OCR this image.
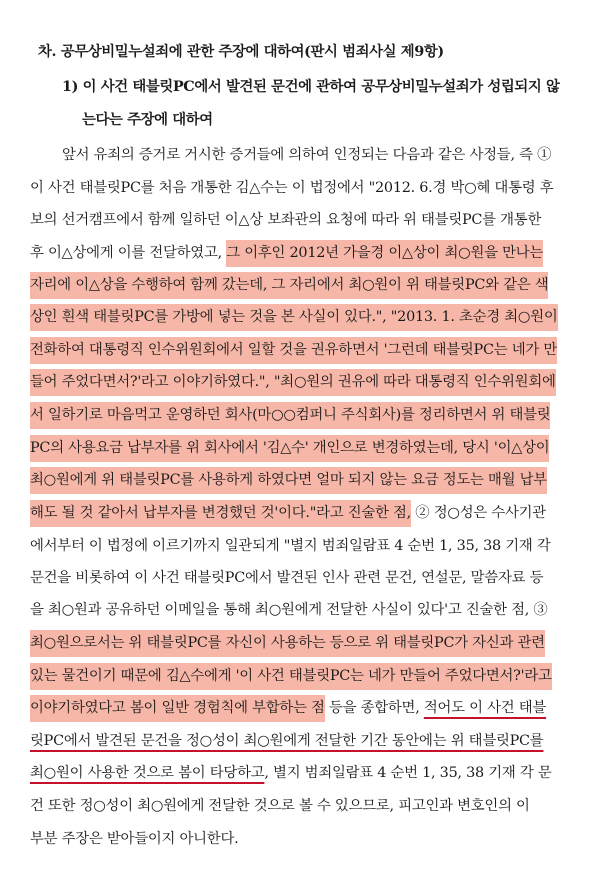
차. 공무상비밀누설죄에 관한 주장에 대하여(판시 범죄사실 제9항)
1) 이 사건 태블릿PC에서 발견된 문건에 관하여 공무상비밀누설죄가 성립되지 않
는다는 주장에 대하여
앞서 유죄의 증거로 거시한 증거들에 의하여 인정되는 다음과 같은 사정들, 즉 ①
이 사건 태블릿PC를 처음 개통한 김△수는 이 법정에서 "2012. 6.경 박○혜 대통령 후
보의 선거캠프에서 함께 일하던 이△상 보좌관의 요청에 따라 위 태블릿PC를 개통한
후 이△상에게 이를 전달하였고, 그 이후인 2012년 가을경 이△상이 최○원을 만나는
자리에 이△상을 수행하여 함께 갔는데, 그 자리에서 최○원이 위 태블릿PC와 같은 색
상인 흰색 태블릿PC를 가방에 넣는 것을 본 사실이 있다.", "2013. 1. 초순경 최○원이
전화하여 대통령직 인수위원회에서 일할 것을 권유하면서 '그런데 태블릿PC는 네가 만
들어 주었다면서?'라고 이야기하였다.", "최○원의 권유에 따라 대통령직 인수위원회에
서 일하기로 마음먹고 운영하던 회사(마○○컴퍼니 주식회사)를 정리하면서 위 태블릿
PC의 사용요금 납부자를 위 회사에서 '김△수' 개인으로 변경하였는데, 당시 '이△상이
최○원에게 위 태블릿PC를 사용하게 하였다면 얼마 되지 않는 요금 정도는 매월 납부
해도 될 것 같아서 납부자를 변경했던 것'이다."라고 진술한 점, ② 정○성은 수사기관
에서부터 이 법정에 이르기까지 일관되게 "별지 범죄일람표 4 순번 1, 35, 38 기재 각
문건을 비롯하여 이 사건 태블릿PC에서 발견된 인사 관련 문건, 연설문, 말씀자료 등
을 최○원과 공유하던 이메일을 통해 최○원에게 전달한 사실이 있다'고 진술한 점, ③
최○원으로서는 위 태블릿PC를 자신이 사용하는 등으로 위 태블릿PC가 자신과 관련
있는 물건이기 때문에 김△수에게 '이 사건 태블릿PC는 네가 만들어 주었다면서?'라고
이야기하였다고 봄이 일반 경험칙에 부합하는 점 등을 종합하면, 적어도 이 사건 태블
릿PC에서 발견된 문건을 정○성이 최○원에게 전달한 기간 동안에는 위 태블릿PC를
최○원이 사용한 것으로 봄이 타당하고, 별지 범죄일람표 4 순번 1, 35, 38 기재 각 문
건 또한 정○성이 최○원에게 전달한 것으로 볼 수 있으므로, 피고인과 변호인의 이
부분 주장은 받아들이지 아니한다.
